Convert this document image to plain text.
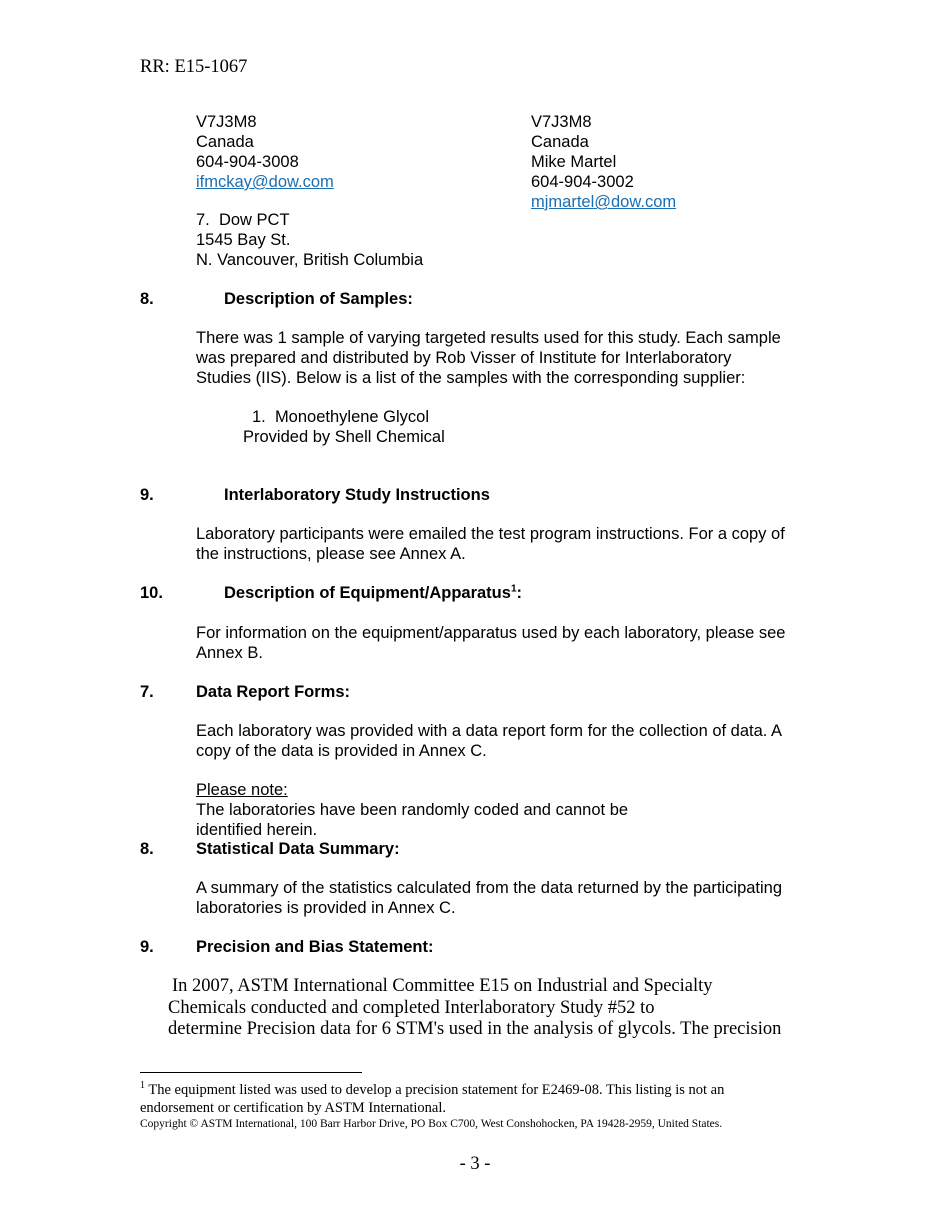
RR: E15-1067
V7J3M8
Canada
604-904-3008
ifmckay@dow.com
V7J3M8
Canada
Mike Martel
604-904-3002
mjmartel@dow.com
7. Dow PCT
1545 Bay St.
N. Vancouver, British Columbia
8.	Description of Samples:
There was 1 sample of varying targeted results used for this study. Each sample
was prepared and distributed by Rob Visser of Institute for Interlaboratory
Studies (IIS). Below is a list of the samples with the corresponding supplier:
1. Monoethylene Glycol
Provided by Shell Chemical
9.	Interlaboratory Study Instructions
Laboratory participants were emailed the test program instructions. For a copy of
the instructions, please see Annex A.
10.	Description of Equipment/Apparatus$^1$:
For information on the equipment/apparatus used by each laboratory, please see
Annex B.
7.	Data Report Forms:
Each laboratory was provided with a data report form for the collection of data. A
copy of the data is provided in Annex C.
Please note:
The laboratories have been randomly coded and cannot be
identified herein.
8.	Statistical Data Summary:
A summary of the statistics calculated from the data returned by the participating
laboratories is provided in Annex C.
9.	Precision and Bias Statement:
In 2007, ASTM International Committee E15 on Industrial and Specialty
Chemicals conducted and completed Interlaboratory Study #52 to
determine Precision data for 6 STM's used in the analysis of glycols. The precision
$^1$ The equipment listed was used to develop a precision statement for E2469-08. This listing is not an
endorsement or certification by ASTM International.
Copyright © ASTM International, 100 Barr Harbor Drive, PO Box C700, West Conshohocken, PA 19428-2959, United States.
- 3 -
